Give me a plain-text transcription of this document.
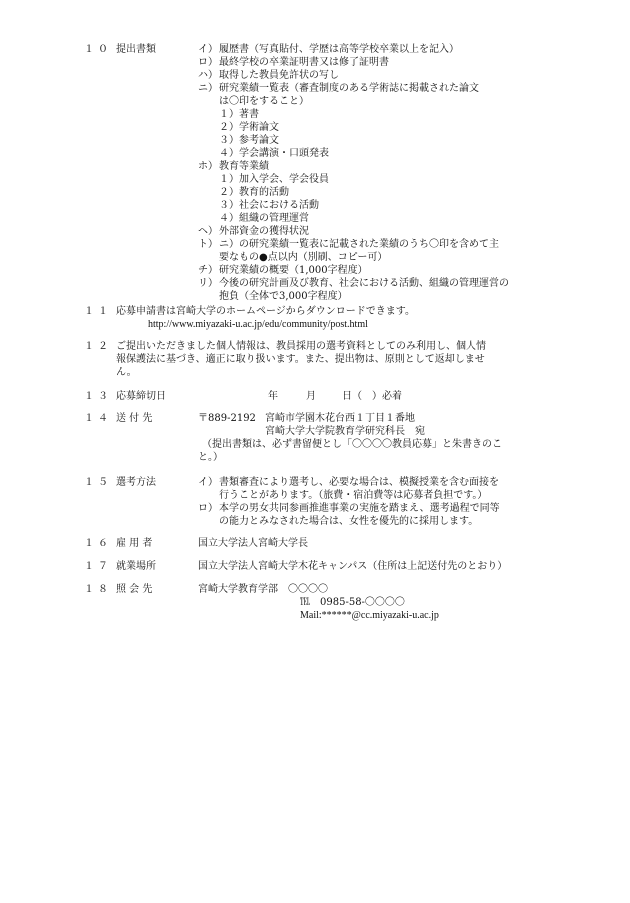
１０ 提出書類	イ） 履歴書（写真貼付、学歴は高等学校卒業以上を記入）
ロ） 最終学校の卒業証明書又は修了証明書
ハ） 取得した教員免許状の写し
ニ） 研究業績一覧表（審査制度のある学術誌に掲載された論文
は〇印をすること）
１）著書
２）学術論文
３）参考論文
４）学会講演・口頭発表
ホ） 教育等業績
１）加入学会、学会役員
２）教育的活動
３）社会における活動
４）組織の管理運営
ヘ） 外部資金の獲得状況
ト） ニ）の研究業績一覧表に記載された業績のうち〇印を含めて主
要なもの●点以内（別刷、コピー可）
チ） 研究業績の概要（1,000字程度）
リ） 今後の研究計画及び教育、社会における活動、組織の管理運営の
抱負（全体で3,000字程度）
１１ 応募申請書は宮崎大学のホームページからダウンロードできます。
http://www.miyazaki-u.ac.jp/edu/community/post.html
１２ ご提出いただきました個人情報は、教員採用の選考資料としてのみ利用し、個人情
報保護法に基づき、適正に取り扱います。また、提出物は、原則として返却しませ
ん。
１３ 応募締切日	年	月	日（　）必着
１４ 送 付 先	〒889-2192 宮崎市学園木花台西１丁目１番地
宮崎大学大学院教育学研究科長　宛
（提出書類は、必ず書留便とし「〇〇〇〇教員応募」と朱書きのこ
と。）
１５ 選考方法	イ） 書類審査により選考し、必要な場合は、模擬授業を含む面接を
行うことがあります。（旅費・宿泊費等は応募者負担です。）
ロ） 本学の男女共同参画推進事業の実施を踏まえ、選考過程で同等
の能力とみなされた場合は、女性を優先的に採用します。
１６ 雇 用 者	国立大学法人宮崎大学長
１７ 就業場所	国立大学法人宮崎大学木花キャンパス（住所は上記送付先のとおり）
１８ 照 会 先	宮崎大学教育学部　〇〇〇〇
℡　0985-58-〇〇〇〇
Mail:******@cc.miyazaki-u.ac.jp
